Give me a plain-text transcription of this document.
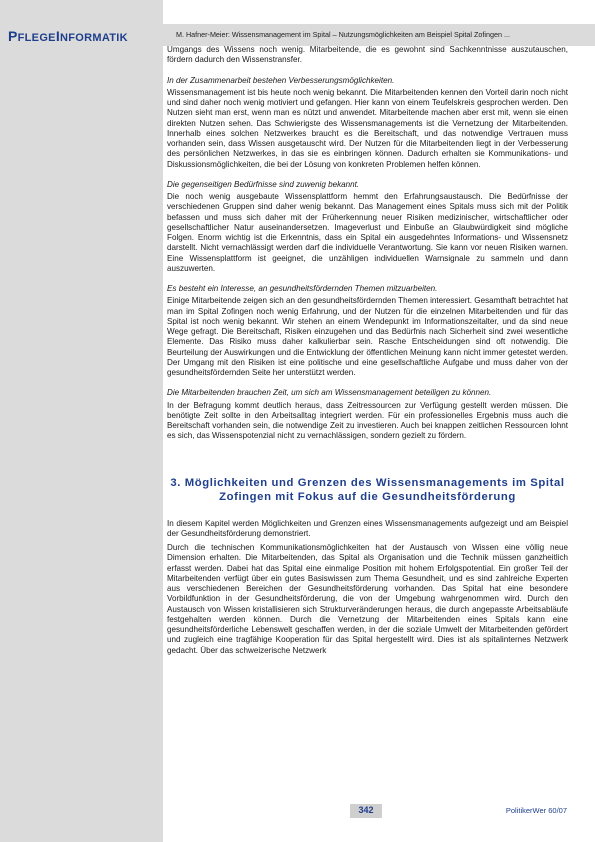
PFLEGEINFORMATIK	M. Hafner-Meier: Wissensmanagement im Spital – Nutzungsmöglichkeiten am Beispiel Spital Zofingen ...

Umgangs des Wissens noch wenig. Mitarbeitende, die es gewohnt sind Sachkenntnisse auszutauschen, fördern dadurch den Wissenstransfer.

In der Zusammenarbeit bestehen Verbesserungsmöglichkeiten.

Wissensmanagement ist bis heute noch wenig bekannt. Die Mitarbeitenden kennen den Vorteil darin noch nicht und sind daher noch wenig motiviert und gefangen. Hier kann von einem Teufelskreis gesprochen werden. Den Nutzen sieht man erst, wenn man es nützt und anwendet. Mitarbeitende machen aber erst mit, wenn sie einen direkten Nutzen sehen. Das Schwierigste des Wissensmanagements ist die Vernetzung der Mitarbeitenden. Innerhalb eines solchen Netzwerkes braucht es die Bereitschaft, und das notwendige Vertrauen muss vorhanden sein, dass Wissen ausgetauscht wird. Der Nutzen für die Mitarbeitenden liegt in der Verbesserung des persönlichen Netzwerkes, in das sie es einbringen können. Dadurch erhalten sie Kommunikations- und Diskussionsmöglichkeiten, die bei der Lösung von konkreten Problemen helfen können.

Die gegenseitigen Bedürfnisse sind zuwenig bekannt.

Die noch wenig ausgebaute Wissensplattform hemmt den Erfahrungsaustausch. Die Bedürfnisse der verschiedenen Gruppen sind daher wenig bekannt. Das Management eines Spitals muss sich mit der Politik befassen und muss sich daher mit der Früherkennung neuer Risiken medizinischer, wirtschaftlicher oder gesellschaftlicher Natur auseinandersetzen. Imageverlust und Einbuße an Glaubwürdigkeit sind mögliche Folgen. Enorm wichtig ist die Erkenntnis, dass ein Spital ein ausgedehntes Informations- und Wissensnetz darstellt. Nicht vernachlässigt werden darf die individuelle Verantwortung. Sie kann vor neuen Risiken warnen. Eine Wissensplattform ist geeignet, die unzähligen individuellen Warnsignale zu sammeln und dann auszuwerten.

Es besteht ein Interesse, an gesundheitsfördernden Themen mitzuarbeiten.

Einige Mitarbeitende zeigen sich an den gesundheitsfördernden Themen interessiert. Gesamthaft betrachtet hat man im Spital Zofingen noch wenig Erfahrung, und der Nutzen für die einzelnen Mitarbeitenden und für das Spital ist noch wenig bekannt. Wir stehen an einem Wendepunkt im Informationszeitalter, und da sind neue Wege gefragt. Die Bereitschaft, Risiken einzugehen und das Bedürfnis nach Sicherheit sind zwei wesentliche Elemente. Das Risiko muss daher kalkulierbar sein. Rasche Entscheidungen sind oft notwendig. Die Beurteilung der Auswirkungen und die Entwicklung der öffentlichen Meinung kann nicht immer getestet werden. Der Umgang mit den Risiken ist eine politische und eine gesellschaftliche Aufgabe und muss daher von der gesundheitsfördernden Seite her unterstützt werden.

Die Mitarbeitenden brauchen Zeit, um sich am Wissensmanagement beteiligen zu können.

In der Befragung kommt deutlich heraus, dass Zeitressourcen zur Verfügung gestellt werden müssen. Die benötigte Zeit sollte in den Arbeitsalltag integriert werden. Für ein professionelles Ergebnis muss auch die Bereitschaft vorhanden sein, die notwendige Zeit zu investieren. Auch bei knappen zeitlichen Ressourcen lohnt es sich, das Wissenspotenzial nicht zu vernachlässigen, sondern gezielt zu fördern.

3. Möglichkeiten und Grenzen des Wissensmanagements im Spital Zofingen mit Fokus auf die Gesundheitsförderung

In diesem Kapitel werden Möglichkeiten und Grenzen eines Wissensmanagements aufgezeigt und am Beispiel der Gesundheitsförderung demonstriert.

Durch die technischen Kommunikationsmöglichkeiten hat der Austausch von Wissen eine völlig neue Dimension erhalten. Die Mitarbeitenden, das Spital als Organisation und die Technik müssen ganzheitlich erfasst werden. Dabei hat das Spital eine einmalige Position mit hohem Erfolgspotential. Ein großer Teil der Mitarbeitenden verfügt über ein gutes Basiswissen zum Thema Gesundheit, und es sind zahlreiche Experten aus verschiedenen Bereichen der Gesundheitsförderung vorhanden. Das Spital hat eine besondere Vorbildfunktion in der Gesundheitsförderung, die von der Umgebung wahrgenommen wird. Durch den Austausch von Wissen kristallisieren sich Strukturveränderungen heraus, die durch angepasste Arbeitsabläufe festgehalten werden können. Durch die Vernetzung der Mitarbeitenden eines Spitals kann eine gesundheitsförderliche Lebenswelt geschaffen werden, in der die soziale Umwelt der Mitarbeitenden gefördert und zugleich eine tragfähige Kooperation für das Spital hergestellt wird. Dies ist als spitalinternes Netzwerk gedacht. Über das schweizerische Netzwerk

342	PolitikerWer 60/07
